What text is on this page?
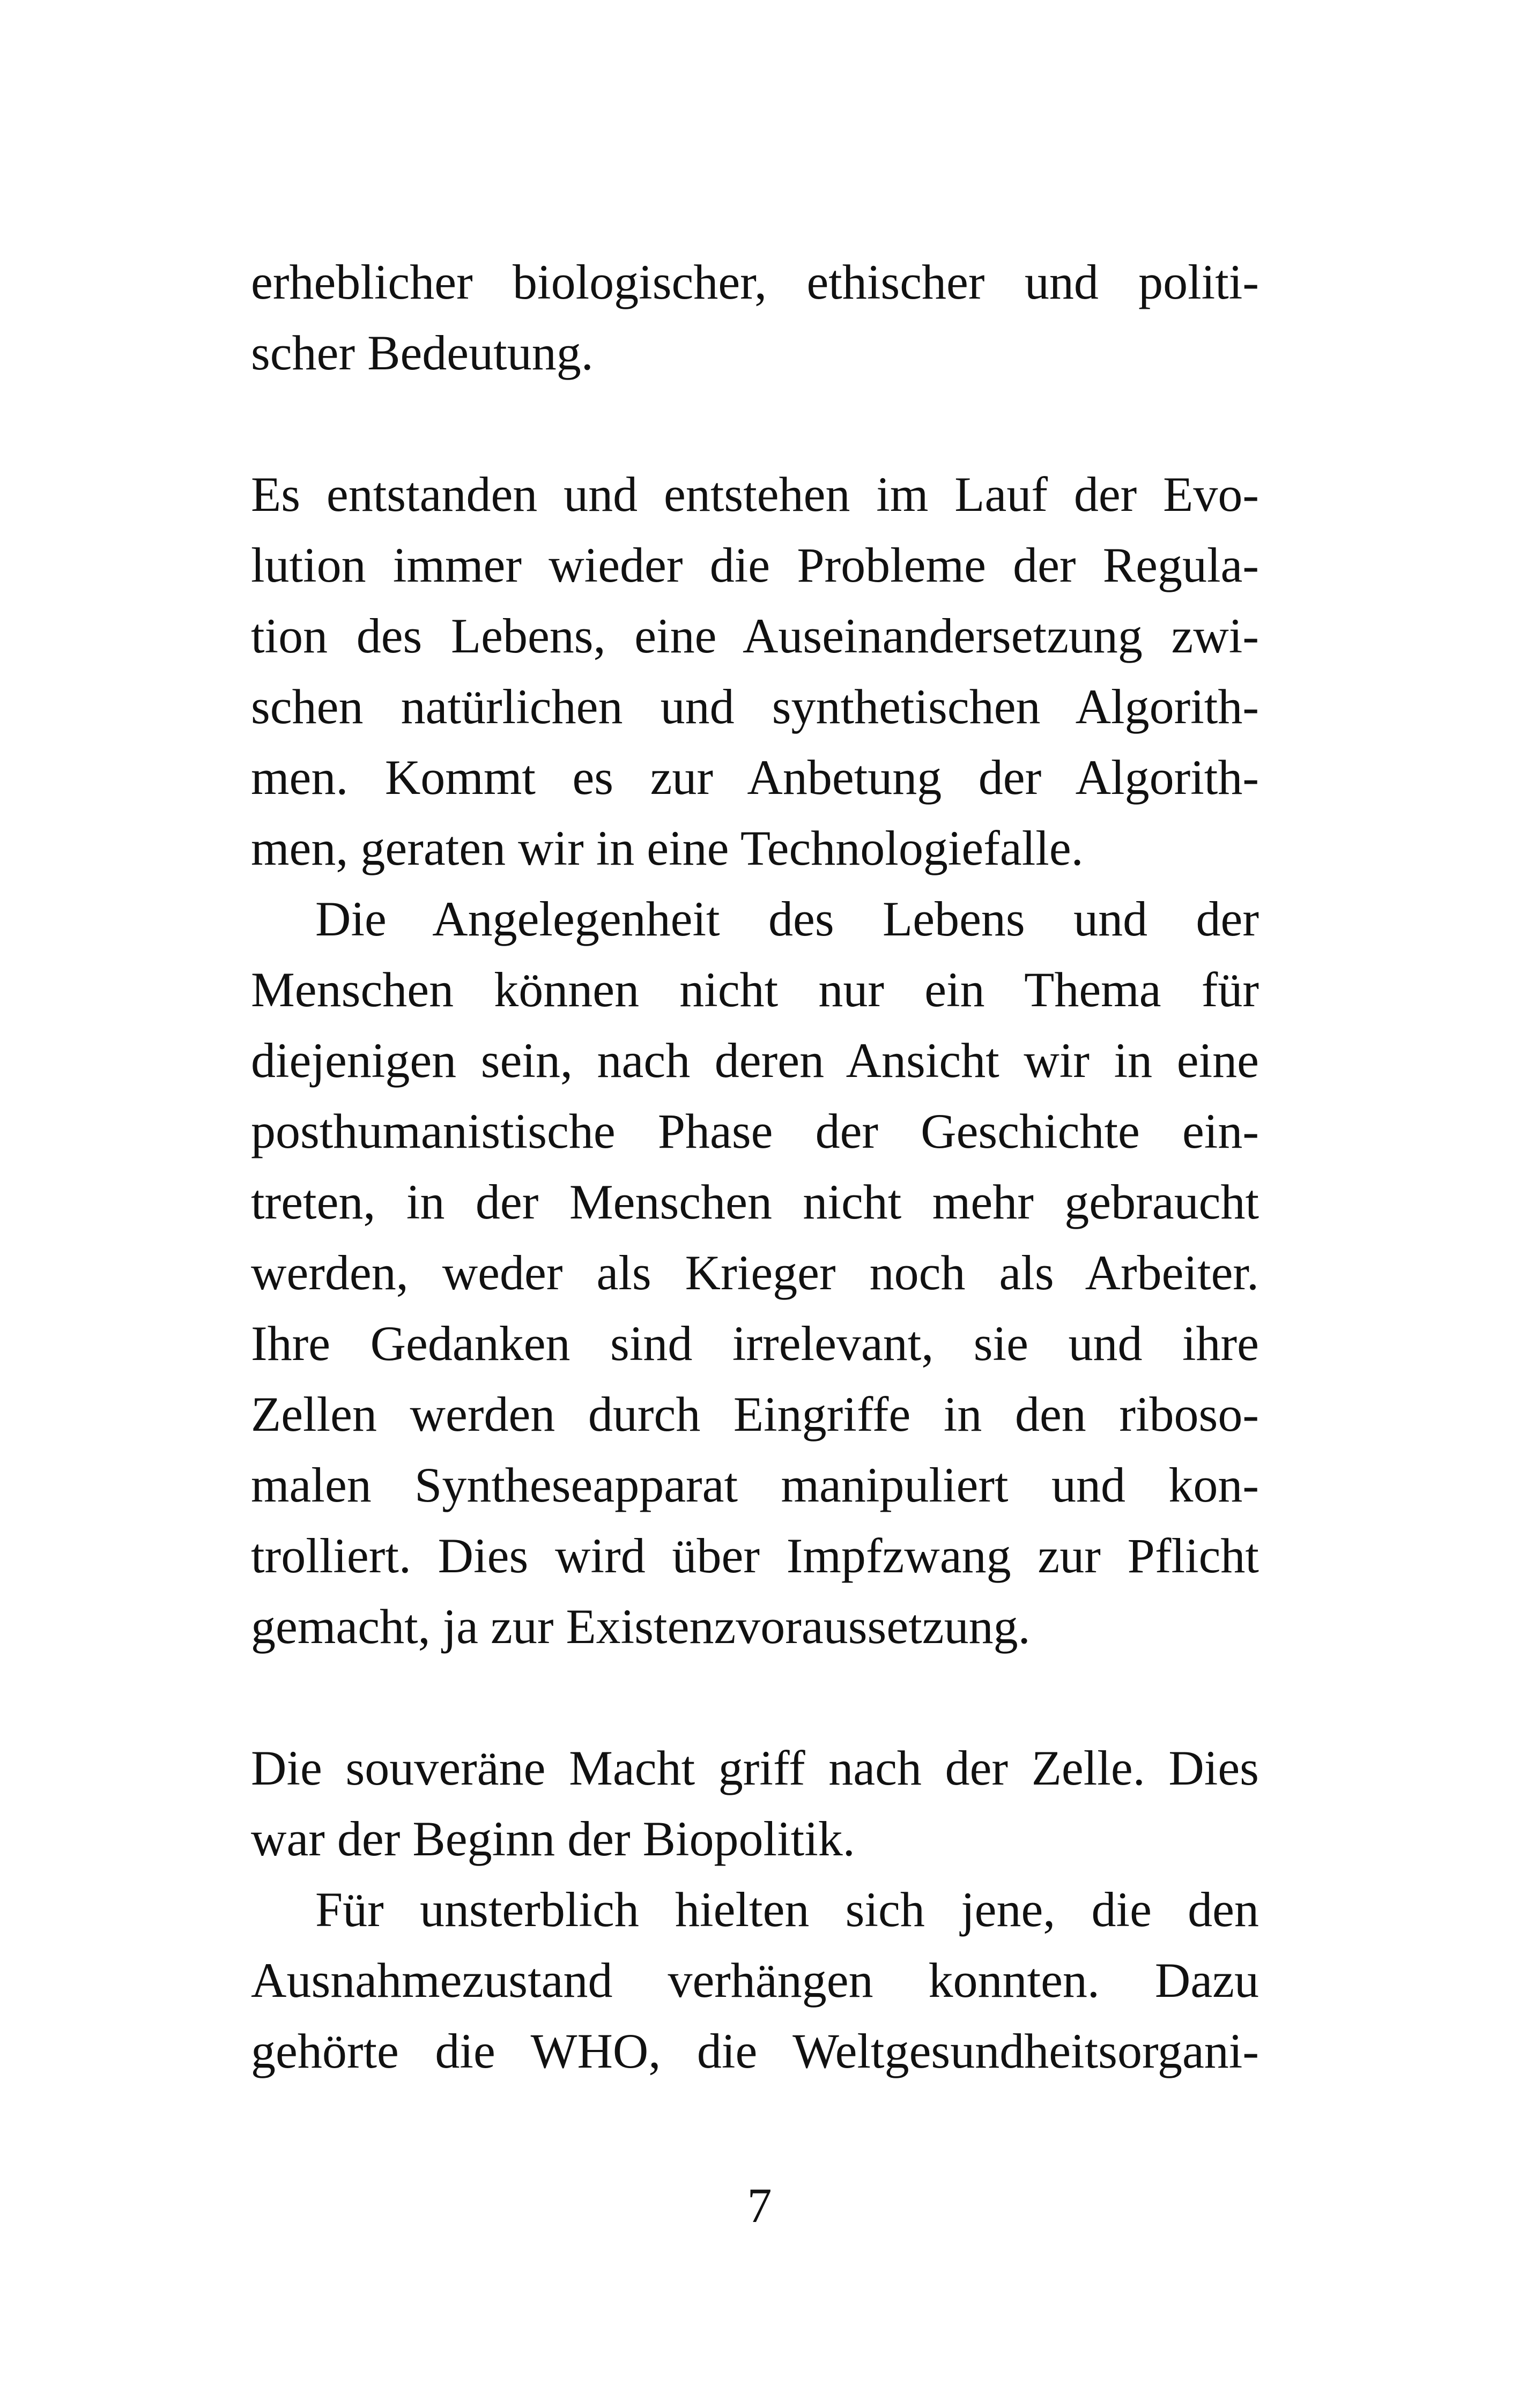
erheblicher biologischer, ethischer und politi-
scher Bedeutung.
Es entstanden und entstehen im Lauf der Evo-
lution immer wieder die Probleme der Regula-
tion des Lebens, eine Auseinandersetzung zwi-
schen natürlichen und synthetischen Algorith-
men. Kommt es zur Anbetung der Algorith-
men, geraten wir in eine Technologiefalle.
Die Angelegenheit des Lebens und der
Menschen können nicht nur ein Thema für
diejenigen sein, nach deren Ansicht wir in eine
posthumanistische Phase der Geschichte ein-
treten, in der Menschen nicht mehr gebraucht
werden, weder als Krieger noch als Arbeiter.
Ihre Gedanken sind irrelevant, sie und ihre
Zellen werden durch Eingriffe in den riboso-
malen Syntheseapparat manipuliert und kon-
trolliert. Dies wird über Impfzwang zur Pflicht
gemacht, ja zur Existenzvoraussetzung.
Die souveräne Macht griff nach der Zelle. Dies
war der Beginn der Biopolitik.
Für unsterblich hielten sich jene, die den
Ausnahmezustand verhängen konnten. Dazu
gehörte die WHO, die Weltgesundheitsorgani-
7
